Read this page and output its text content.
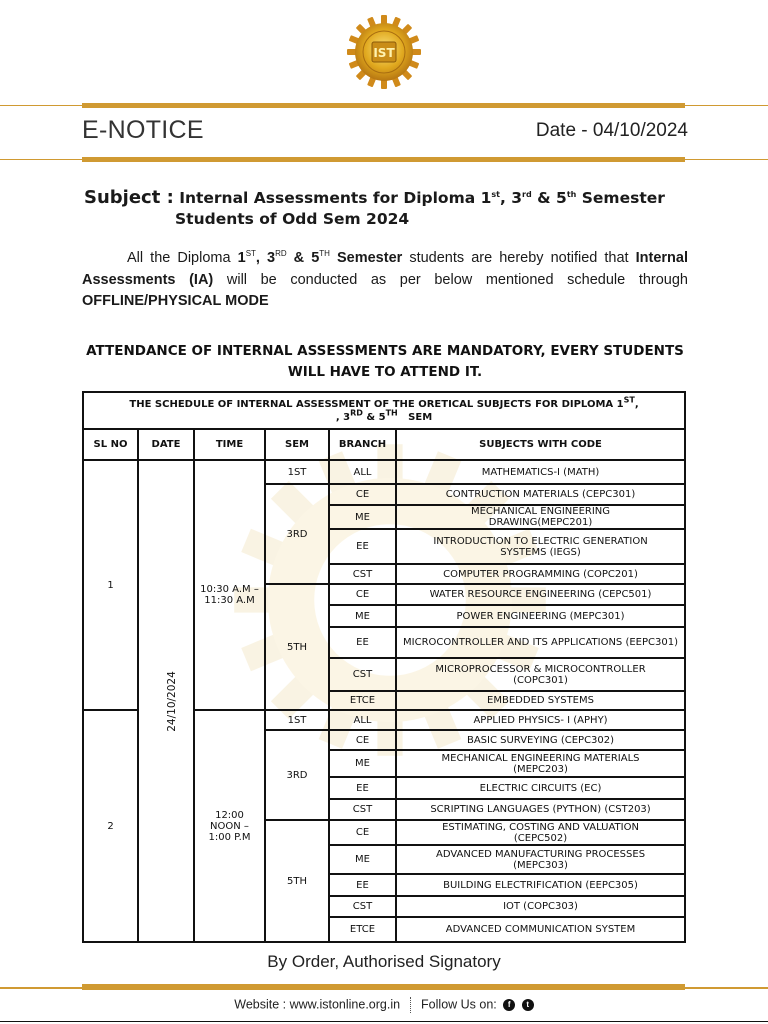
IST
E-NOTICE	Date - 04/10/2024
Subject : Internal Assessments for Diploma 1st, 3rd & 5th Semester
Students of Odd Sem 2024
All the Diploma 1ST, 3RD & 5TH Semester students are hereby notified that Internal Assessments (IA) will be conducted as per below mentioned schedule through OFFLINE/PHYSICAL MODE
ATTENDANCE OF INTERNAL ASSESSMENTS ARE MANDATORY, EVERY STUDENTS
WILL HAVE TO ATTEND IT.
THE SCHEDULE OF INTERNAL ASSESSMENT OF THE ORETICAL SUBJECTS FOR DIPLOMA 1ST,
, 3RD & 5TH   SEM					
SL NO	DATE	TIME	SEM	BRANCH	SUBJECTS WITH CODE
1	24/10/2024	10:30 A.M – 11:30 A.M	1ST	ALL	MATHEMATICS-I (MATH)
			3RD	CE	CONTRUCTION MATERIALS (CEPC301)
				ME	MECHANICAL ENGINEERING DRAWING(MEPC201)
				EE	INTRODUCTION TO ELECTRIC GENERATION SYSTEMS (IEGS)
				CST	COMPUTER PROGRAMMING (COPC201)
			5TH	CE	WATER RESOURCE ENGINEERING (CEPC501)
				ME	POWER ENGINEERING (MEPC301)
				EE	MICROCONTROLLER AND ITS APPLICATIONS (EEPC301)
				CST	MICROPROCESSOR & MICROCONTROLLER (COPC301)
				ETCE	EMBEDDED SYSTEMS
2		12:00 NOON – 1:00 P.M	1ST	ALL	APPLIED PHYSICS- I (APHY)
			3RD	CE	BASIC SURVEYING (CEPC302)
				ME	MECHANICAL ENGINEERING MATERIALS (MEPC203)
				EE	ELECTRIC CIRCUITS (EC)
				CST	SCRIPTING LANGUAGES (PYTHON) (CST203)
			5TH	CE	ESTIMATING, COSTING AND VALUATION (CEPC502)
				ME	ADVANCED MANUFACTURING PROCESSES (MEPC303)
				EE	BUILDING ELECTRIFICATION (EEPC305)
				CST	IOT (COPC303)
				ETCE	ADVANCED COMMUNICATION SYSTEM
By Order, Authorised Signatory
Website : www.istonline.org.in Follow Us on: f t
